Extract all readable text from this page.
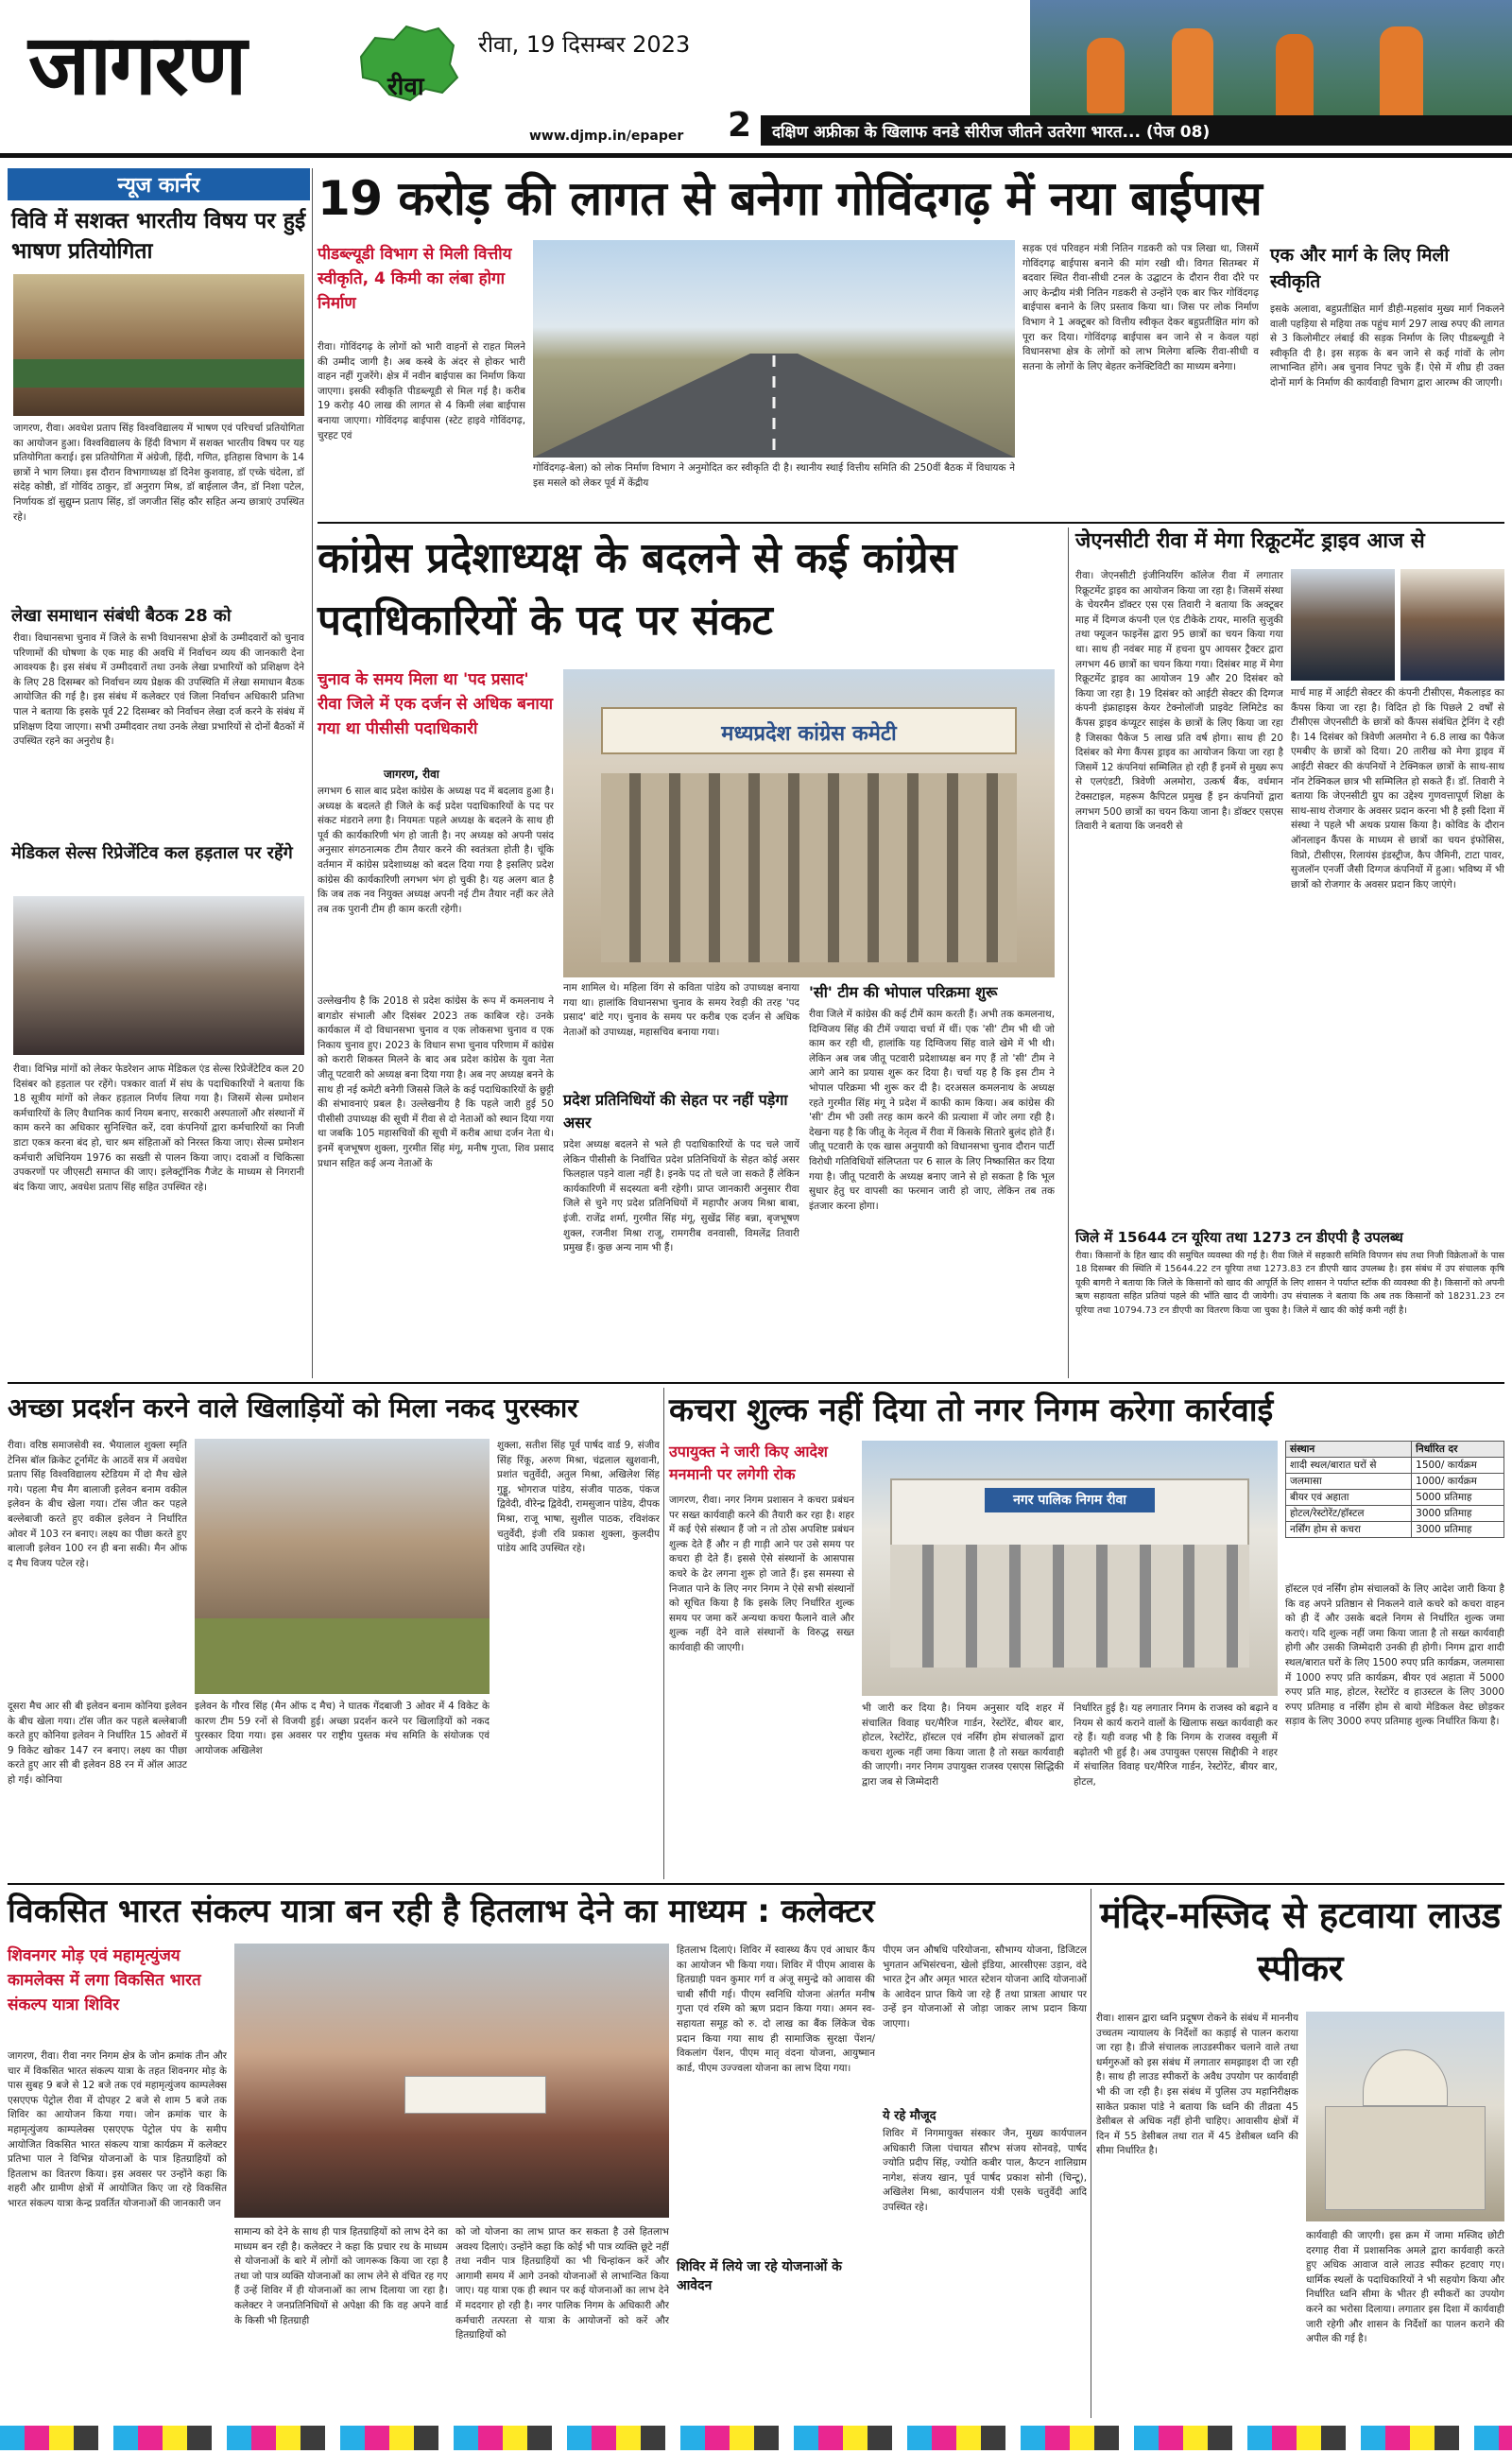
जागरण	रीवा
रीवा, 19 दिसम्बर 2023
www.djmp.in/epaper 2	दक्षिण अफ्रीका के खिलाफ वनडे सीरीज जीतने उतरेगा भारत... (पेज 08)
न्यूज कार्नर
विवि में सशक्त भारतीय विषय पर हुई भाषण प्रतियोगिता
जागरण, रीवा। अवधेश प्रताप सिंह विश्वविद्यालय में भाषण एवं परिचर्चा प्रतियोगिता का आयोजन हुआ। विश्वविद्यालय के हिंदी विभाग में सशक्त भारतीय विषय पर यह प्रतियोगिता कराई। इस प्रतियोगिता में अंग्रेजी, हिंदी, गणित, इतिहास विभाग के 14 छात्रों ने भाग लिया। इस दौरान विभागाध्यक्ष डॉ दिनेश कुशवाह, डॉ एच्के चंदेला, डॉ संदेह कोष्ठी, डॉ गोविंद ठाकुर, डॉ अनुराग मिश्र, डॉ बाईलाल जैन, डॉ निशा पटेल, निर्णायक डॉ सुद्युम्न प्रताप सिंह, डॉ जगजीत सिंह कौर सहित अन्य छात्राएं उपस्थित रहे।
लेखा समाधान संबंधी बैठक 28 को
रीवा। विधानसभा चुनाव में जिले के सभी विधानसभा क्षेत्रों के उम्मीदवारों को चुनाव परिणामों की घोषणा के एक माह की अवधि में निर्वाचन व्यय की जानकारी देना आवश्यक है। इस संबंध में उम्मीदवारों तथा उनके लेखा प्रभारियों को प्रशिक्षण देने के लिए 28 दिसम्बर को निर्वाचन व्यय प्रेक्षक की उपस्थिति में लेखा समाधान बैठक आयोजित की गई है। इस संबंध में कलेक्टर एवं जिला निर्वाचन अधिकारी प्रतिभा पाल ने बताया कि इसके पूर्व 22 दिसम्बर को निर्वाचन लेखा दर्ज करने के संबंध में प्रशिक्षण दिया जाएगा। सभी उम्मीदवार तथा उनके लेखा प्रभारियों से दोनों बैठकों में उपस्थित रहने का अनुरोध है।
मेडिकल सेल्स रिप्रेजेंटिव कल हड़ताल पर रहेंगे
रीवा। विभिन्न मांगों को लेकर फेडरेशन आफ मेडिकल एंड सेल्स रिप्रेजेंटेटिव कल 20 दिसंबर को हड़ताल पर रहेंगे। पत्रकार वार्ता में संघ के पदाधिकारियों ने बताया कि 18 सूत्रीय मांगों को लेकर हड़ताल निर्णय लिया गया है। जिसमें सेल्स प्रमोशन कर्मचारियों के लिए वैधानिक कार्य नियम बनाए, सरकारी अस्पतालों और संस्थानों में काम करने का अधिकार सुनिश्चित करें, दवा कंपनियों द्वारा कर्मचारियों का निजी डाटा एकत्र करना बंद हो, चार श्रम संहिताओं को निरस्त किया जाए। सेल्स प्रमोशन कर्मचारी अधिनियम 1976 का सख्ती से पालन किया जाए। दवाओं व चिकित्सा उपकरणों पर जीएसटी समाप्त की जाए। इलेक्ट्रॉनिक गैजेट के माध्यम से निगरानी बंद किया जाए, अवधेश प्रताप सिंह सहित उपस्थित रहे।
19 करोड़ की लागत से बनेगा गोविंदगढ़ में नया बाईपास
पीडब्ल्यूडी विभाग से मिली वित्तीय स्वीकृति, 4 किमी का लंबा होगा निर्माण
रीवा। गोविंदगढ़ के लोगों को भारी वाहनों से राहत मिलने की उम्मीद जागी है। अब कस्बे के अंदर से होकर भारी वाहन नहीं गुजरेंगे। क्षेत्र में नवीन बाईपास का निर्माण किया जाएगा। इसकी स्वीकृति पीडब्ल्यूडी से मिल गई है। करीब 19 करोड़ 40 लाख की लागत से 4 किमी लंबा बाईपास बनाया जाएगा। गोविंदगढ़ बाईपास (स्टेट हाइवे गोविंदगढ़, चुरहट एवं
गोविंदगढ़-बेला) को लोक निर्माण विभाग ने अनुमोदित कर स्वीकृति दी है। स्थानीय स्थाई वित्तीय समिति की 250वीं बैठक में विधायक ने इस मसले को लेकर पूर्व में केंद्रीय
सड़क एवं परिवहन मंत्री नितिन गडकरी को पत्र लिखा था, जिसमें गोविंदगढ़ बाईपास बनाने की मांग रखी थी। विगत सितम्बर में बदवार स्थित रीवा-सीधी टनल के उद्घाटन के दौरान रीवा दौरे पर आए केन्द्रीय मंत्री नितिन गडकरी से उन्होंने एक बार फिर गोविंदगढ़ बाईपास बनाने के लिए प्रस्ताव किया था। जिस पर लोक निर्माण विभाग ने 1 अक्टूबर को वित्तीय स्वीकृत देकर बहुप्रतीक्षित मांग को पूरा कर दिया। गोविंदगढ़ बाईपास बन जाने से न केवल यहां विधानसभा क्षेत्र के लोगों को लाभ मिलेगा बल्कि रीवा-सीधी व सतना के लोगों के लिए बेहतर कनेक्टिविटी का माध्यम बनेगा।
एक और मार्ग के लिए मिली स्वीकृति
इसके अलावा, बहुप्रतीक्षित मार्ग डीही-महसांव मुख्य मार्ग निकलने वाली पहड़िया से महिया तक पहुंच मार्ग 297 लाख रुपए की लागत से 3 किलोमीटर लंबाई की सड़क निर्माण के लिए पीडब्ल्यूडी ने स्वीकृति दी है। इस सड़क के बन जाने से कई गांवों के लोग लाभान्वित होंगे। अब चुनाव निपट चुके हैं। ऐसे में शीघ्र ही उक्त दोनों मार्ग के निर्माण की कार्यवाही विभाग द्वारा आरम्भ की जाएगी।
कांग्रेस प्रदेशाध्यक्ष के बदलने से कई कांग्रेस पदाधिकारियों के पद पर संकट
चुनाव के समय मिला था 'पद प्रसाद' रीवा जिले में एक दर्जन से अधिक बनाया गया था पीसीसी पदाधिकारी
जागरण, रीवा
लगभग 6 साल बाद प्रदेश कांग्रेस के अध्यक्ष पद में बदलाव हुआ है। अध्यक्ष के बदलते ही जिले के कई प्रदेश पदाधिकारियों के पद पर संकट मंडराने लगा है। नियमतः पहले अध्यक्ष के बदलने के साथ ही पूर्व की कार्यकारिणी भंग हो जाती है। नए अध्यक्ष को अपनी पसंद अनुसार संगठनात्मक टीम तैयार करने की स्वतंत्रता होती है। चूंकि वर्तमान में कांग्रेस प्रदेशाध्यक्ष को बदल दिया गया है इसलिए प्रदेश कांग्रेस की कार्यकारिणी लगभग भंग हो चुकी है। यह अलग बात है कि जब तक नव नियुक्त अध्यक्ष अपनी नई टीम तैयार नहीं कर लेते तब तक पुरानी टीम ही काम करती रहेगी।
उल्लेखनीय है कि 2018 से प्रदेश कांग्रेस के रूप में कमलनाथ ने बागडोर संभाली और दिसंबर 2023 तक काबिज रहे। उनके कार्यकाल में दो विधानसभा चुनाव व एक लोकसभा चुनाव व एक निकाय चुनाव हुए। 2023 के विधान सभा चुनाव परिणाम में कांग्रेस को करारी शिकस्त मिलने के बाद अब प्रदेश कांग्रेस के युवा नेता जीतू पटवारी को अध्यक्ष बना दिया गया है। अब नए अध्यक्ष बनने के साथ ही नई कमेटी बनेगी जिससे जिले के कई पदाधिकारियों के छुट्टी की संभावनाएं प्रबल है। उल्लेखनीय है कि पहले जारी हुई 50 पीसीसी उपाध्यक्ष की सूची में रीवा से दो नेताओं को स्थान दिया गया था जबकि 105 महासचिवों की सूची में करीब आधा दर्जन नेता थे। इनमें बृजभूषण शुक्ला, गुरमीत सिंह मंगू, मनीष गुप्ता, शिव प्रसाद प्रधान सहित कई अन्य नेताओं के
मध्यप्रदेश कांग्रेस कमेटी
नाम शामिल थे। महिला विंग से कविता पांडेय को उपाध्यक्ष बनाया गया था। हालांकि विधानसभा चुनाव के समय रेवड़ी की तरह 'पद प्रसाद' बांटे गए। चुनाव के समय पर करीब एक दर्जन से अधिक नेताओं को उपाध्यक्ष, महासचिव बनाया गया।
प्रदेश प्रतिनिधियों की सेहत पर नहीं पड़ेगा असर
प्रदेश अध्यक्ष बदलने से भले ही पदाधिकारियों के पद चले जायें लेकिन पीसीसी के निर्वाचित प्रदेश प्रतिनिधियों के सेहत कोई असर फिलहाल पड़ने वाला नहीं है। इनके पद तो चले जा सकते हैं लेकिन कार्यकारिणी में सदस्यता बनी रहेगी। प्राप्त जानकारी अनुसार रीवा जिले से चुने गए प्रदेश प्रतिनिधियों में महापौर अजय मिश्रा बाबा, इंजी. राजेंद्र शर्मा, गुरमीत सिंह मंगू, सुखेंद्र सिंह बन्ना, बृजभूषण शुक्ल, रजनीश मिश्रा राजू, रामगरीब वनवासी, विमलेंद्र तिवारी प्रमुख हैं। कुछ अन्य नाम भी हैं।
'सी' टीम की भोपाल परिक्रमा शुरू
रीवा जिले में कांग्रेस की कई टीमें काम करती हैं। अभी तक कमलनाथ, दिग्विजय सिंह की टीमें ज्यादा चर्चा में थीं। एक 'सी' टीम भी थी जो काम कर रही थी, हालांकि यह दिग्विजय सिंह वाले खेमे में भी थी। लेकिन अब जब जीतू पटवारी प्रदेशाध्यक्ष बन गए हैं तो 'सी' टीम ने आगे आने का प्रयास शुरू कर दिया है। चर्चा यह है कि इस टीम ने भोपाल परिक्रमा भी शुरू कर दी है। दरअसल कमलनाथ के अध्यक्ष रहते गुरमीत सिंह मंगू ने प्रदेश में काफी काम किया। अब कांग्रेस की 'सी' टीम भी उसी तरह काम करने की प्रत्याशा में जोर लगा रही है। देखना यह है कि जीतू के नेतृत्व में रीवा में किसके सितारे बुलंद होते हैं। जीतू पटवारी के एक खास अनुयायी को विधानसभा चुनाव दौरान पार्टी विरोधी गतिविधियों संलिप्तता पर 6 साल के लिए निष्कासित कर दिया गया है। जीतू पटवारी के अध्यक्ष बनाए जाने से हो सकता है कि भूल सुधार हेतु घर वापसी का फरमान जारी हो जाए, लेकिन तब तक इंतजार करना होगा।
जेएनसीटी रीवा में मेगा रिक्रूटमेंट ड्राइव आज से
रीवा। जेएनसीटी इंजीनियरिंग कॉलेज रीवा में लगातार रिक्रूटमेंट ड्राइव का आयोजन किया जा रहा है। जिसमें संस्था के चेयरमैन डॉक्टर एस एस तिवारी ने बताया कि अक्टूबर माह में दिग्गज कंपनी एल एंड टीकेके टायर, मारुति सुजुकी तथा फ्यूजन फाइनेंस द्वारा 95 छात्रों का चयन किया गया था। साथ ही नवंबर माह में हचना ग्रुप आयसर ट्रैक्टर द्वारा लगभग 46 छात्रों का चयन किया गया। दिसंबर माह में मेगा रिक्रूटमेंट ड्राइव का आयोजन 19 और 20 दिसंबर को किया जा रहा है। 19 दिसंबर को आईटी सेक्टर की दिग्गज कंपनी इंफ्राहाइस केयर टेक्नोलॉजी प्राइवेट लिमिटेड का कैंपस ड्राइव कंप्यूटर साइंस के छात्रों के लिए किया जा रहा है जिसका पैकेज 5 लाख प्रति वर्ष होगा। साथ ही 20 दिसंबर को मेगा कैंपस ड्राइव का आयोजन किया जा रहा है जिसमें 12 कंपनियां सम्मिलित हो रही हैं इनमें से मुख्य रूप से एलएंडटी, त्रिवेणी अलमोरा, उत्कर्ष बैंक, वर्धमान टेक्सटाइल, महरूम कैपिटल प्रमुख हैं इन कंपनियों द्वारा लगभग 500 छात्रों का चयन किया जाना है। डॉक्टर एसएस तिवारी ने बताया कि जनवरी से
मार्च माह में आईटी सेक्टर की कंपनी टीसीएस, मैकलाइड का कैंपस किया जा रहा है। विदित हो कि पिछले 2 वर्षों से टीसीएस जेएनसीटी के छात्रों को कैंपस संबंधित ट्रेनिंग दे रही है। 14 दिसंबर को त्रिवेणी अलमोरा ने 6.8 लाख का पैकेज एमबीए के छात्रों को दिया। 20 तारीख को मेगा ड्राइव में आईटी सेक्टर की कंपनियों ने टेक्निकल छात्रों के साथ-साथ नॉन टेक्निकल छात्र भी सम्मिलित हो सकते हैं। डॉ. तिवारी ने बताया कि जेएनसीटी ग्रुप का उद्देश्य गुणवत्तापूर्ण शिक्षा के साथ-साथ रोजगार के अवसर प्रदान करना भी है इसी दिशा में संस्था ने पहले भी अथक प्रयास किया है। कोविड के दौरान ऑनलाइन कैंपस के माध्यम से छात्रों का चयन इंफोसिस, विप्रो, टीसीएस, रिलायंस इंडस्ट्रीज, कैप जैमिनी, टाटा पावर, सुजलॉन एनर्जी जैसी दिग्गज कंपनियों में हुआ। भविष्य में भी छात्रों को रोजगार के अवसर प्रदान किए जाएंगे।
जिले में 15644 टन यूरिया तथा 1273 टन डीएपी है उपलब्ध
रीवा। किसानों के हित खाद की समुचित व्यवस्था की गई है। रीवा जिले में सहकारी समिति विपणन संघ तथा निजी विक्रेताओं के पास 18 दिसम्बर की स्थिति में 15644.22 टन यूरिया तथा 1273.83 टन डीएपी खाद उपलब्ध है। इस संबंध में उप संचालक कृषि यूकी बागरी ने बताया कि जिले के किसानों को खाद की आपूर्ति के लिए शासन ने पर्याप्त स्टॉक की व्यवस्था की है। किसानों को अपनी ऋण सहायता सहित प्रतियां पहले की भाँति खाद दी जायेगी। उप संचालक ने बताया कि अब तक किसानों को 18231.23 टन यूरिया तथा 10794.73 टन डीएपी का वितरण किया जा चुका है। जिले में खाद की कोई कमी नहीं है।
अच्छा प्रदर्शन करने वाले खिलाड़ियों को मिला नकद पुरस्कार
रीवा। वरिष्ठ समाजसेवी स्व. भैयालाल शुक्ला स्मृति टेनिस बॉल क्रिकेट टूर्नामेंट के आठवें सत्र में अवधेश प्रताप सिंह विश्वविद्यालय स्टेडियम में दो मैच खेले गये। पहला मैच मैग बालाजी इलेवन बनाम वकील इलेवन के बीच खेला गया। टॉस जीत कर पहले बल्लेबाजी करते हुए वकील इलेवन ने निर्धारित ओवर में 103 रन बनाए। लक्ष्य का पीछा करते हुए बालाजी इलेवन 100 रन ही बना सकी। मैन ऑफ द मैच विजय पटेल रहे।
शुक्ला, सतीश सिंह पूर्व पार्षद वार्ड 9, संजीव सिंह रिंकू, अरुण मिश्रा, चंद्रलाल खुशवानी, प्रशांत चतुर्वेदी, अतुल मिश्रा, अखिलेश सिंह गुड्डू, भोगराज पांडेय, संजीव पाठक, पंकज द्विवेदी, वीरेन्द्र द्विवेदी, रामसुजान पांडेय, दीपक मिश्रा, राजू भाषा, सुशील पाठक, रविशंकर चतुर्वेदी, इंजी रवि प्रकाश शुक्ला, कुलदीप पांडेय आदि उपस्थित रहे।
दूसरा मैच आर सी बी इलेवन बनाम कोनिया इलेवन के बीच खेला गया। टॉस जीत कर पहले बल्लेबाजी करते हुए कोनिया इलेवन ने निर्धारित 15 ओवरों में 9 विकेट खोकर 147 रन बनाए। लक्ष्य का पीछा करते हुए आर सी बी इलेवन 88 रन में ऑल आउट हो गई। कोनिया
इलेवन के गौरव सिंह (मैन ऑफ द मैच) ने घातक गेंदबाजी 3 ओवर में 4 विकेट के कारण टीम 59 रनों से विजयी हुई। अच्छा प्रदर्शन करने पर खिलाड़ियों को नकद पुरस्कार दिया गया। इस अवसर पर राष्ट्रीय पुस्तक मंच समिति के संयोजक एवं आयोजक अखिलेश
कचरा शुल्क नहीं दिया तो नगर निगम करेगा कार्रवाई
उपायुक्त ने जारी किए आदेश मनमानी पर लगेगी रोक
जागरण, रीवा। नगर निगम प्रशासन ने कचरा प्रबंधन पर सख्त कार्यवाही करने की तैयारी कर रहा है। शहर में कई ऐसे संस्थान हैं जो न तो ठोस अपशिष्ट प्रबंधन शुल्क देते हैं और न ही गाड़ी आने पर उसे समय पर कचरा ही देते हैं। इससे ऐसे संस्थानों के आसपास कचरे के ढेर लगना शुरू हो जाते हैं। इस समस्या से निजात पाने के लिए नगर निगम ने ऐसे सभी संस्थानों को सूचित किया है कि इसके लिए निर्धारित शुल्क समय पर जमा करें अन्यथा कचरा फैलाने वाले और शुल्क नहीं देने वाले संस्थानों के विरुद्ध सख्त कार्यवाही की जाएगी।
नगर पालिक निगम रीवा
भी जारी कर दिया है। नियम अनुसार यदि शहर में संचालित विवाह घर/मैरिज गार्डन, रेस्टोरेंट, बीयर बार, होटल, रेस्टोरेंट, हॉस्टल एवं नर्सिंग होम संचालकों द्वारा कचरा शुल्क नहीं जमा किया जाता है तो सख्त कार्यवाही की जाएगी। नगर निगम उपायुक्त राजस्व एसएस सिद्धिकी द्वारा जब से जिम्मेदारी
निर्धारित हुई है। यह लगातार निगम के राजस्व को बढ़ाने व नियम से कार्य कराने वालों के खिलाफ सख्त कार्यवाही कर रहे हैं। यही वजह भी है कि निगम के राजस्व वसूली में बढ़ोतरी भी हुई है। अब उपायुक्त एसएस सिद्दीकी ने शहर में संचालित विवाह घर/मैरिज गार्डन, रेस्टोरेंट, बीयर बार, होटल,
संस्थान	निर्धारित दर
शादी स्थल/बारात घरों से	1500/ कार्यक्रम
जलमासा	1000/ कार्यक्रम
बीयर एवं अहाता	5000 प्रतिमाह
होटल/रेस्टोरेंट/हॉस्टल	3000 प्रतिमाह
नर्सिंग होम से कचरा	3000 प्रतिमाह
हॉस्टल एवं नर्सिंग होम संचालकों के लिए आदेश जारी किया है कि वह अपने प्रतिष्ठान से निकलने वाले कचरे को कचरा वाहन को ही दें और उसके बदले निगम से निर्धारित शुल्क जमा कराएं। यदि शुल्क नहीं जमा किया जाता है तो सख्त कार्यवाही होगी और उसकी जिम्मेदारी उनकी ही होगी। निगम द्वारा शादी स्थल/बारात घरों के लिए 1500 रुपए प्रति कार्यक्रम, जलमासा में 1000 रुपए प्रति कार्यक्रम, बीयर एवं अहाता में 5000 रुपए प्रति माह, होटल, रेस्टोरेंट व हाउस्टल के लिए 3000 रुपए प्रतिमाह व नर्सिंग होम से बायो मेडिकल वेस्ट छोड़कर सड़ाव के लिए 3000 रुपए प्रतिमाह शुल्क निर्धारित किया है।
विकसित भारत संकल्प यात्रा बन रही है हितलाभ देने का माध्यम : कलेक्टर
शिवनगर मोड़ एवं महामृत्युंजय कामलेक्स में लगा विकसित भारत संकल्प यात्रा शिविर
जागरण, रीवा। रीवा नगर निगम क्षेत्र के जोन क्रमांक तीन और चार में विकसित भारत संकल्प यात्रा के तहत शिवनगर मोड़ के पास सुबह 9 बजे से 12 बजे तक एवं महामृत्युंजय काम्पलेक्स एसएएफ पेट्रोल रीवा में दोपहर 2 बजे से शाम 5 बजे तक शिविर का आयोजन किया गया। जोन क्रमांक चार के महामृत्युंजय काम्पलेक्स एसएएफ पेट्रोल पंप के समीप आयोजित विकसित भारत संकल्प यात्रा कार्यक्रम में कलेक्टर प्रतिभा पाल ने विभिन्न योजनाओं के पात्र हितग्राहियों को हितलाभ का वितरण किया। इस अवसर पर उन्होंने कहा कि शहरी और ग्रामीण क्षेत्रों में आयोजित किए जा रहे विकसित भारत संकल्प यात्रा केन्द्र प्रवर्तित योजनाओं की जानकारी जन
सामान्य को देने के साथ ही पात्र हितग्राहियों को लाभ देने का माध्यम बन रही है। कलेक्टर ने कहा कि प्रचार रथ के माध्यम से योजनाओं के बारे में लोगों को जागरूक किया जा रहा है तथा जो पात्र व्यक्ति योजनाओं का लाभ लेने से वंचित रह गए हैं उन्हें शिविर में ही योजनाओं का लाभ दिलाया जा रहा है। कलेक्टर ने जनप्रतिनिधियों से अपेक्षा की कि वह अपने वार्ड के किसी भी हितग्राही
को जो योजना का लाभ प्राप्त कर सकता है उसे हितलाभ अवश्य दिलाएं। उन्होंने कहा कि कोई भी पात्र व्यक्ति छूटे नहीं तथा नवीन पात्र हितग्राहियों का भी चिन्हांकन करें और आगामी समय में आगे उनको योजनाओं से लाभान्वित किया जाए। यह यात्रा एक ही स्थान पर कई योजनाओं का लाभ देने में मददगार हो रही है। नगर पालिक निगम के अधिकारी और कर्मचारी तत्परता से यात्रा के आयोजनों को करें और हितग्राहियों को
हितलाभ दिलाएं। शिविर में स्वास्थ्य कैंप एवं आधार कैंप का आयोजन भी किया गया। शिविर में पीएम आवास के हितग्राही पवन कुमार गर्ग व अंजू समुन्द्रे को आवास की चाबी सौंपी गई। पीएम स्वनिधि योजना अंतर्गत मनीष गुप्ता एवं रश्मि को ऋण प्रदान किया गया। अमन स्व-सहायता समूह को रु. दो लाख का बैंक लिंकेज चेक प्रदान किया गया साथ ही सामाजिक सुरक्षा पेंशन/विकलांग पेंशन, पीएम मातृ वंदना योजना, आयुष्मान कार्ड, पीएम उज्ज्वला योजना का लाभ दिया गया।
शिविर में लिये जा रहे योजनाओं के आवेदन
पीएम जन औषधि परियोजना, सौभाग्य योजना, डिजिटल भुगतान अभिसंरचना, खेलो इंडिया, आरसीएसः उड़ान, वंदे भारत ट्रेन और अमृत भारत स्टेशन योजना आदि योजनाओं के आवेदन प्राप्त किये जा रहे हैं तथा प्रात्रता आधार पर उन्हें इन योजनाओं से जोड़ा जाकर लाभ प्रदान किया जाएगा।
ये रहे मौजूद
शिविर में निगमायुक्त संस्कार जैन, मुख्य कार्यपालन अधिकारी जिला पंचायत सौरभ संजय सोनवड़े, पार्षद ज्योति प्रदीप सिंह, ज्योति कबीर पाल, कैप्टन शालिग्राम नागेश, संजय खान, पूर्व पार्षद प्रकाश सोनी (चिन्टू), अखिलेश मिश्रा, कार्यपालन यंत्री एसके चतुर्वेदी आदि उपस्थित रहे।
मंदिर-मस्जिद से हटवाया लाउड स्पीकर
रीवा। शासन द्वारा ध्वनि प्रदूषण रोकने के संबंध में माननीय उच्चतम न्यायालय के निर्देशों का कड़ाई से पालन कराया जा रहा है। डीजे संचालक लाउडस्पीकर चलाने वाले तथा धर्मगुरुओं को इस संबंध में लगातार समझाइश दी जा रही है। साथ ही लाउड स्पीकरों के अवैध उपयोग पर कार्यवाही भी की जा रही है। इस संबंध में पुलिस उप महानिरीक्षक साकेत प्रकाश पांडे ने बताया कि ध्वनि की तीव्रता 45 डेसीबल से अधिक नहीं होनी चाहिए। आवासीय क्षेत्रों में दिन में 55 डेसीबल तथा रात में 45 डेसीबल ध्वनि की सीमा निर्धारित है।
कार्यवाही की जाएगी। इस क्रम में जामा मस्जिद छोटी दरगाह रीवा में प्रशासनिक अमले द्वारा कार्यवाही करते हुए अधिक आवाज वाले लाउड स्पीकर हटवाए गए। धार्मिक स्थलों के पदाधिकारियों ने भी सहयोग किया और निर्धारित ध्वनि सीमा के भीतर ही स्पीकरों का उपयोग करने का भरोसा दिलाया। लगातार इस दिशा में कार्यवाही जारी रहेगी और शासन के निर्देशों का पालन कराने की अपील की गई है।
